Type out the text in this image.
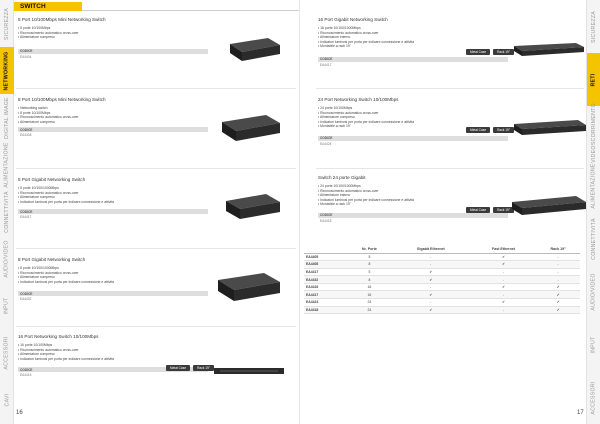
CAVI
ACCESSORI
INPUT
AUDIO/VIDEO
CONNETTIVITÀ
ALIMENTAZIONE
DIGITAL IMAGE
NETWORKING
SICUREZZA
SWITCH
5 Port 10/100Mbps Mini Networking Switch
• 5 porte 10/100Mbps
• Riconoscimento automatico cross-over
• Alimentatore compreso
CODICE
EA4404
8 Port 10/100Mbps Mini Networking Switch
• Networking switch
• 8 porte 10/100Mbps
• Riconoscimento automatico cross-over
• Alimentatore compreso
CODICE
EA4408
5 Port Gigabit Networking Switch
• 5 porte 10/100/1000Mbps
• Riconoscimento automatico cross-over
• Alimentatore compreso
• Indicatori luminosi per porta per indicare connessione e attività
CODICE
EA4417
8 Port Gigabit Networking Switch
• 8 porte 10/100/1000Mbps
• Riconoscimento automatico cross-over
• Alimentatore compreso
• Indicatori luminosi per porta per indicare connessione e attività
CODICE
EA4432
16 Port Networking Switch 10/100Mbps
• 16 porte 10/100Mbps
• Riconoscimento automatico cross-over
• Alimentatore compreso
• Indicatori luminosi per porta per indicare connessione e attività
CODICE
EA4416
Metal Case	Rack 19"
SICUREZZA
RETI
VIDEOSCORRIMENTO
ALIMENTAZIONE
CONNETTIVITÀ
AUDIO/VIDEO
INPUT
ACCESSORI
16 Port Gigabit Networking Switch
• 16 porte 10/100/1000Mbps
• Riconoscimento automatico cross-over
• Alimentatore interno
• Indicatori luminosi per porta per indicare connessione e attività
• Montabile a rack 19"
CODICE
EA4417
Metal Case	Rack 19"
24 Port Networking Switch 10/100Mbps
• 24 porte 10/100Mbps
• Riconoscimento automatico cross-over
• Alimentatore compreso
• Indicatori luminosi per porta per indicare connessione e attività
• Montabile a rack 19"
CODICE
EA4424
Metal Case	Rack 19"
Switch 24 porte Gigabit
• 24 porte 10/100/1000Mbps
• Riconoscimento automatico cross-over
• Alimentatore interno
• Indicatori luminosi per porta per indicare connessione e attività
• Montabile a rack 19"
CODICE
EA4418
Metal Case	Rack 19"
	Nr. Porte	Gigabit Ethernet	Fast Ethernet	Rack 19"
EA4405	5	-	✔	-
EA4408	8	-	✔	-
EA4417	5	✔	-	-
EA4432	8	✔	-	-
EA4416	16	-	✔	✔
EA4417	16	✔	-	✔
EA4424	24	-	✔	✔
EA4418	24	✔	-	✔
16	17
